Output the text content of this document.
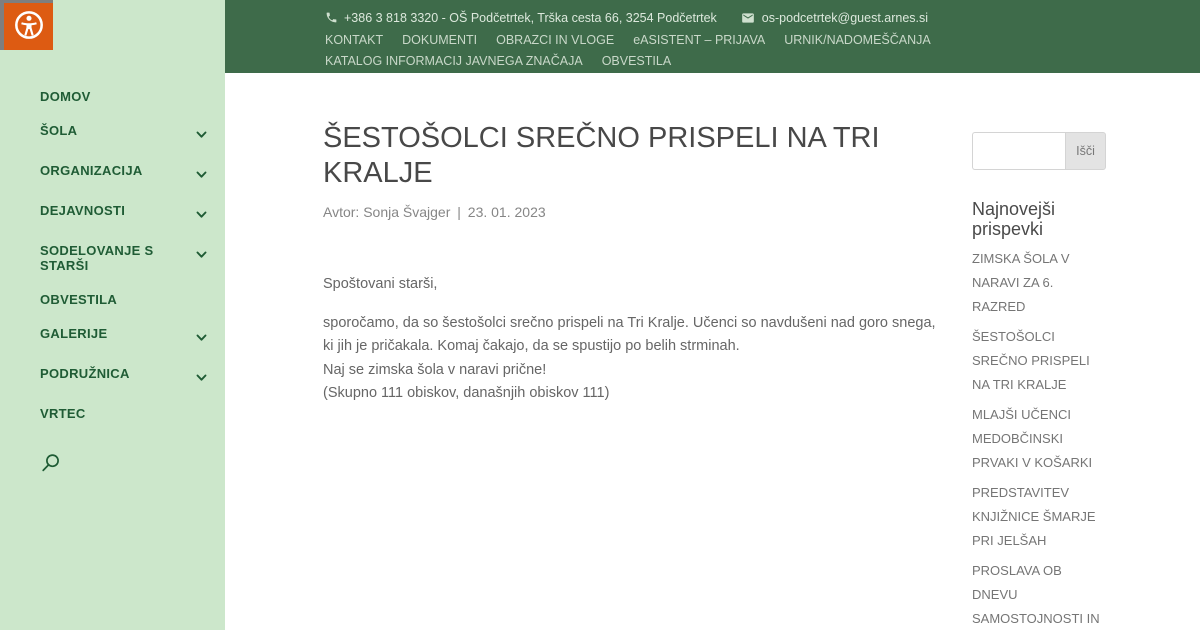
DOMOV
ŠOLA
ORGANIZACIJA
DEJAVNOSTI
SODELOVANJE S STARŠI
OBVESTILA
GALERIJE
PODRUŽNICA
VRTEC
+386 3 818 3320 - OŠ Podčetrtek, Trška cesta 66, 3254 Podčetrtek	os-podcetrtek@guest.arnes.si
KONTAKT DOKUMENTI OBRAZCI IN VLOGE eASISTENT – PRIJAVA URNIK/NADOMEŠČANJA
KATALOG INFORMACIJ JAVNEGA ZNAČAJA OBVESTILA
ŠESTOŠOLCI SREČNO PRISPELI NA TRI KRALJE
Avtor: Sonja Švajger | 23. 01. 2023

Spoštovani starši,

sporočamo, da so šestošolci srečno prispeli na Tri Kralje. Učenci so navdušeni nad goro snega, ki jih je pričakala. Komaj čakajo, da se spustijo po belih strminah.

Naj se zimska šola v naravi prične!

(Skupno 111 obiskov, današnjih obiskov 111)

Išči
Najnovejši prispevki
ZIMSKA ŠOLA V NARAVI ZA 6. RAZRED
ŠESTOŠOLCI SREČNO PRISPELI NA TRI KRALJE
MLAJŠI UČENCI MEDOBČINSKI PRVAKI V KOŠARKI
PREDSTAVITEV KNJIŽNICE ŠMARJE PRI JELŠAH
PROSLAVA OB DNEVU SAMOSTOJNOSTI IN
